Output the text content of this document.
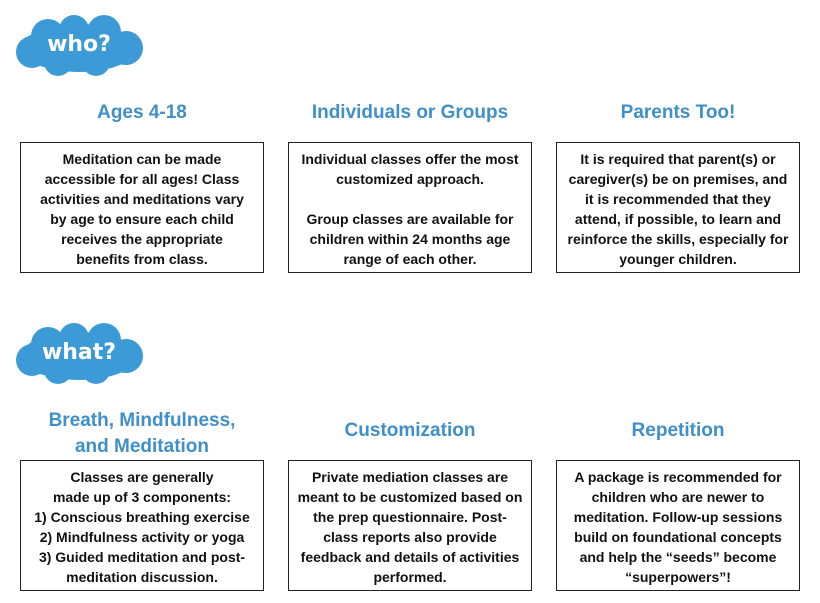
who?
Ages 4-18	Individuals or Groups	Parents Too!

Meditation can be made accessible for all ages! Class activities and meditations vary by age to ensure each child receives the appropriate benefits from class.

Individual classes offer the most customized approach.

Group classes are available for children within 24 months age range of each other.

It is required that parent(s) or caregiver(s) be on premises, and it is recommended that they attend, if possible, to learn and reinforce the skills, especially for younger children.

what?
Breath, Mindfulness,
and Meditation
Customization	Repetition
Classes are generally
made up of 3 components:
1) Conscious breathing exercise
2) Mindfulness activity or yoga
3) Guided meditation and post-
meditation discussion.

Private mediation classes are meant to be customized based on the prep questionnaire. Post-class reports also provide feedback and details of activities performed.

A package is recommended for children who are newer to meditation. Follow-up sessions build on foundational concepts and help the “seeds” become “superpowers”!
